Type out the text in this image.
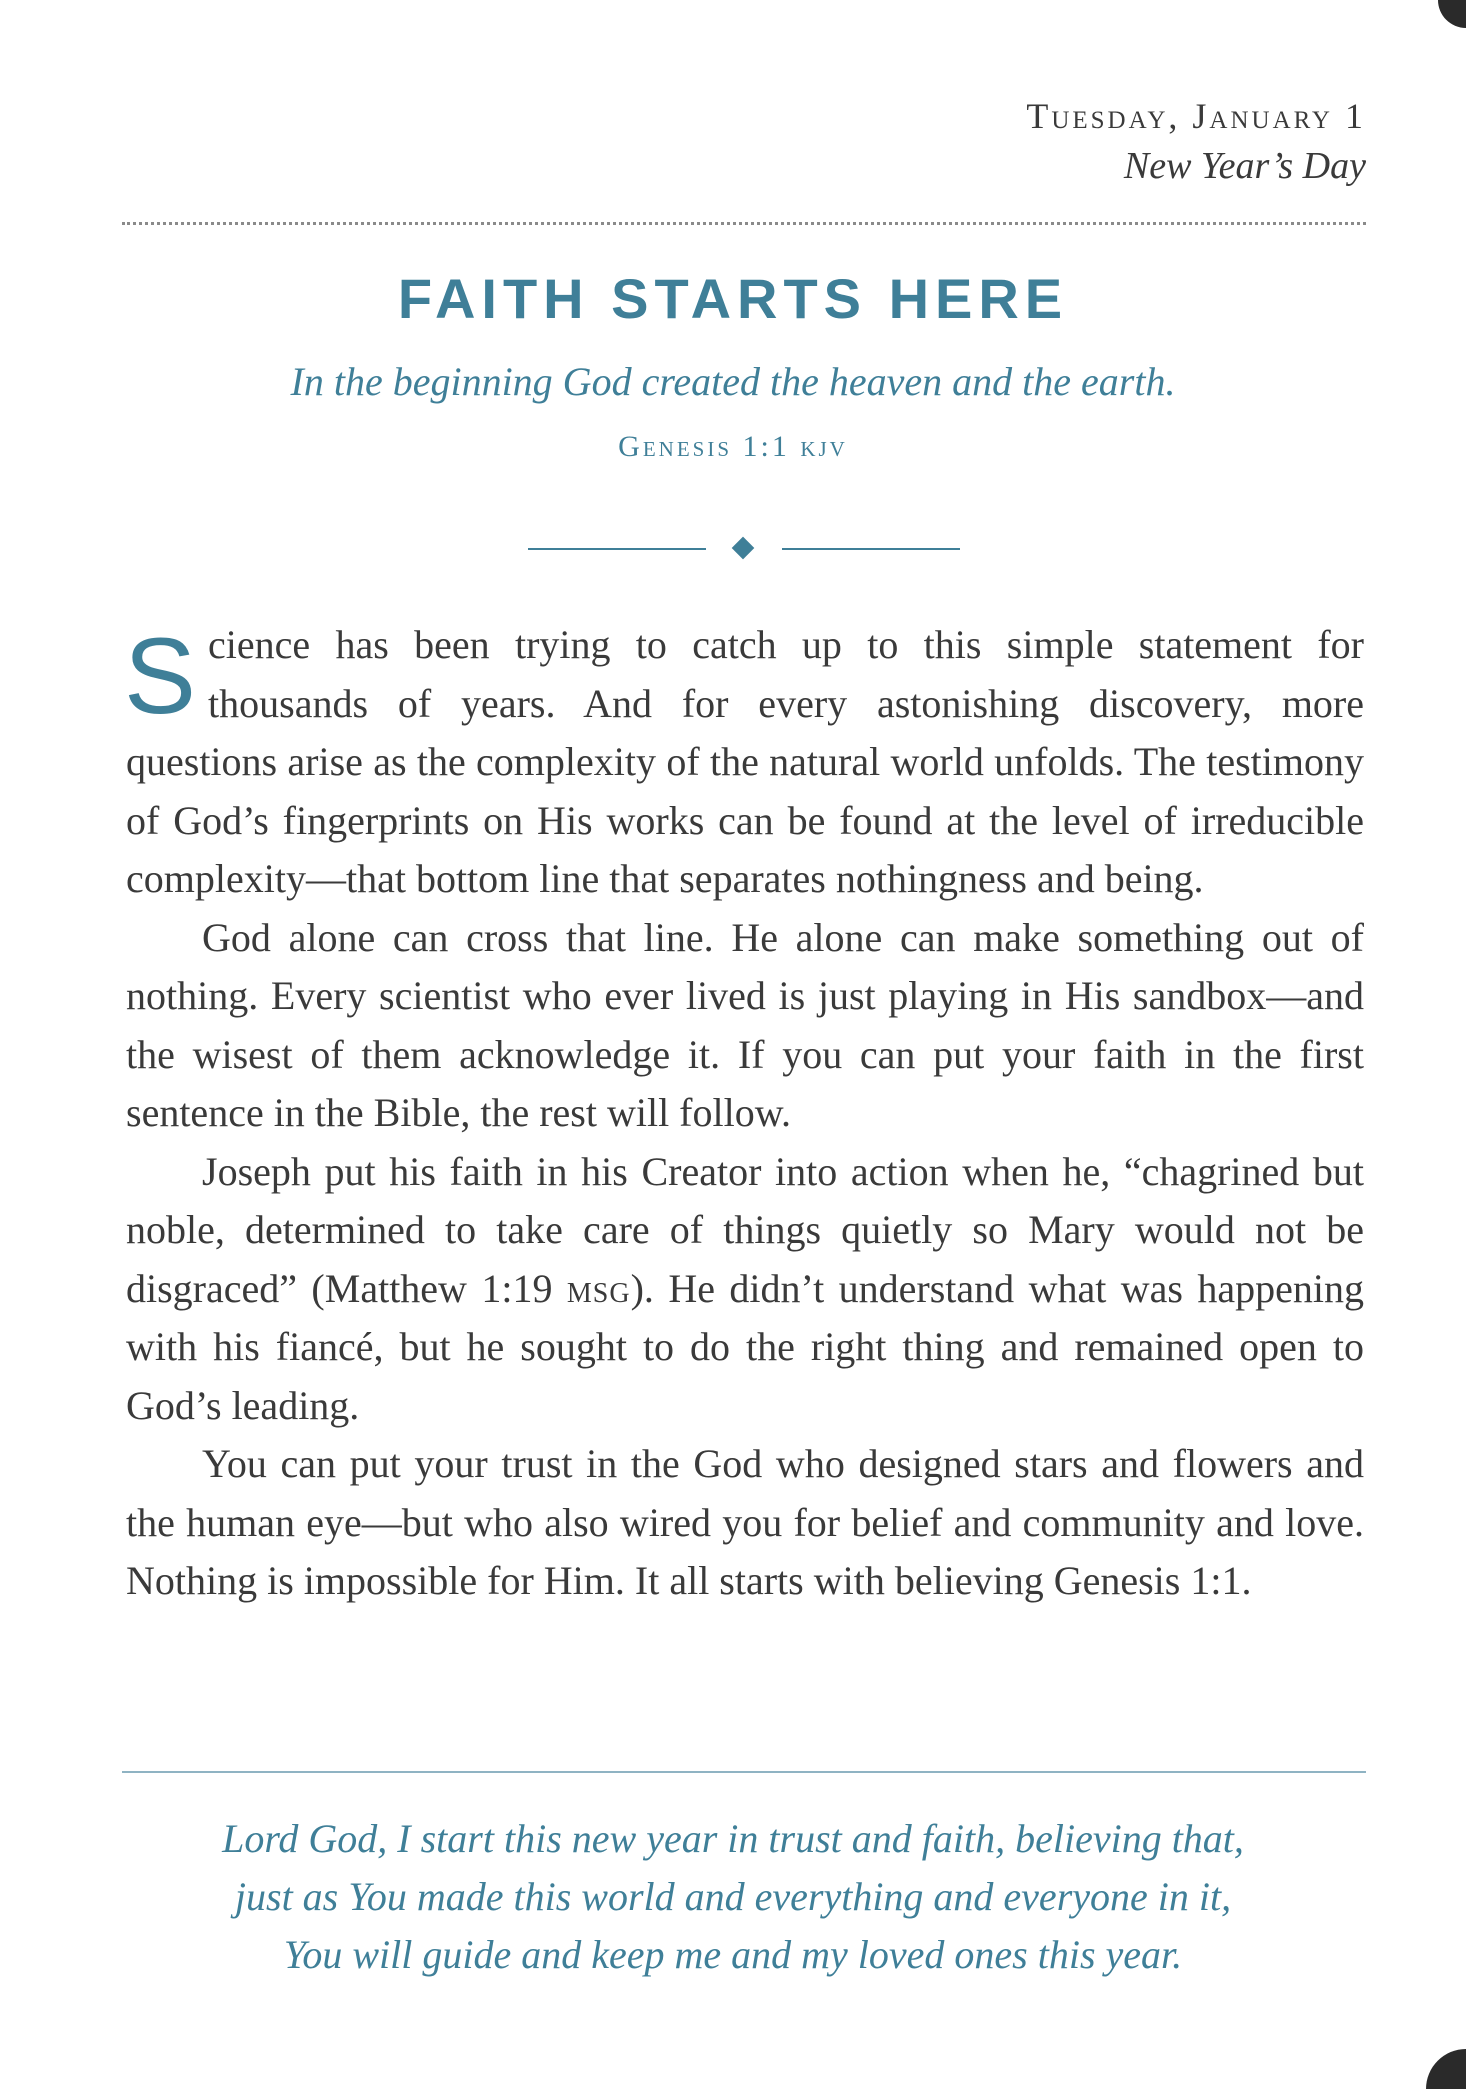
Tuesday, January 1
New Year’s Day
FAITH STARTS HERE
In the beginning God created the heaven and the earth.
Genesis 1:1 kjv

Science has been trying to catch up to this simple statement for thousands of years. And for every astonishing discovery, more questions arise as the complexity of the natural world unfolds. The testimony of God’s fingerprints on His works can be found at the level of irreducible complexity—that bottom line that separates nothingness and being.

God alone can cross that line. He alone can make something out of nothing. Every scientist who ever lived is just playing in His sandbox—and the wisest of them acknowledge it. If you can put your faith in the first sentence in the Bible, the rest will follow.

Joseph put his faith in his Creator into action when he, “chagrined but noble, determined to take care of things quietly so Mary would not be disgraced” (Matthew 1:19 msg). He didn’t understand what was happening with his fiancé, but he sought to do the right thing and remained open to God’s leading.

You can put your trust in the God who designed stars and flowers and the human eye—but who also wired you for belief and community and love. Nothing is impossible for Him. It all starts with believing Genesis 1:1.

Lord God, I start this new year in trust and faith, believing that,
just as You made this world and everything and everyone in it,
You will guide and keep me and my loved ones this year.
